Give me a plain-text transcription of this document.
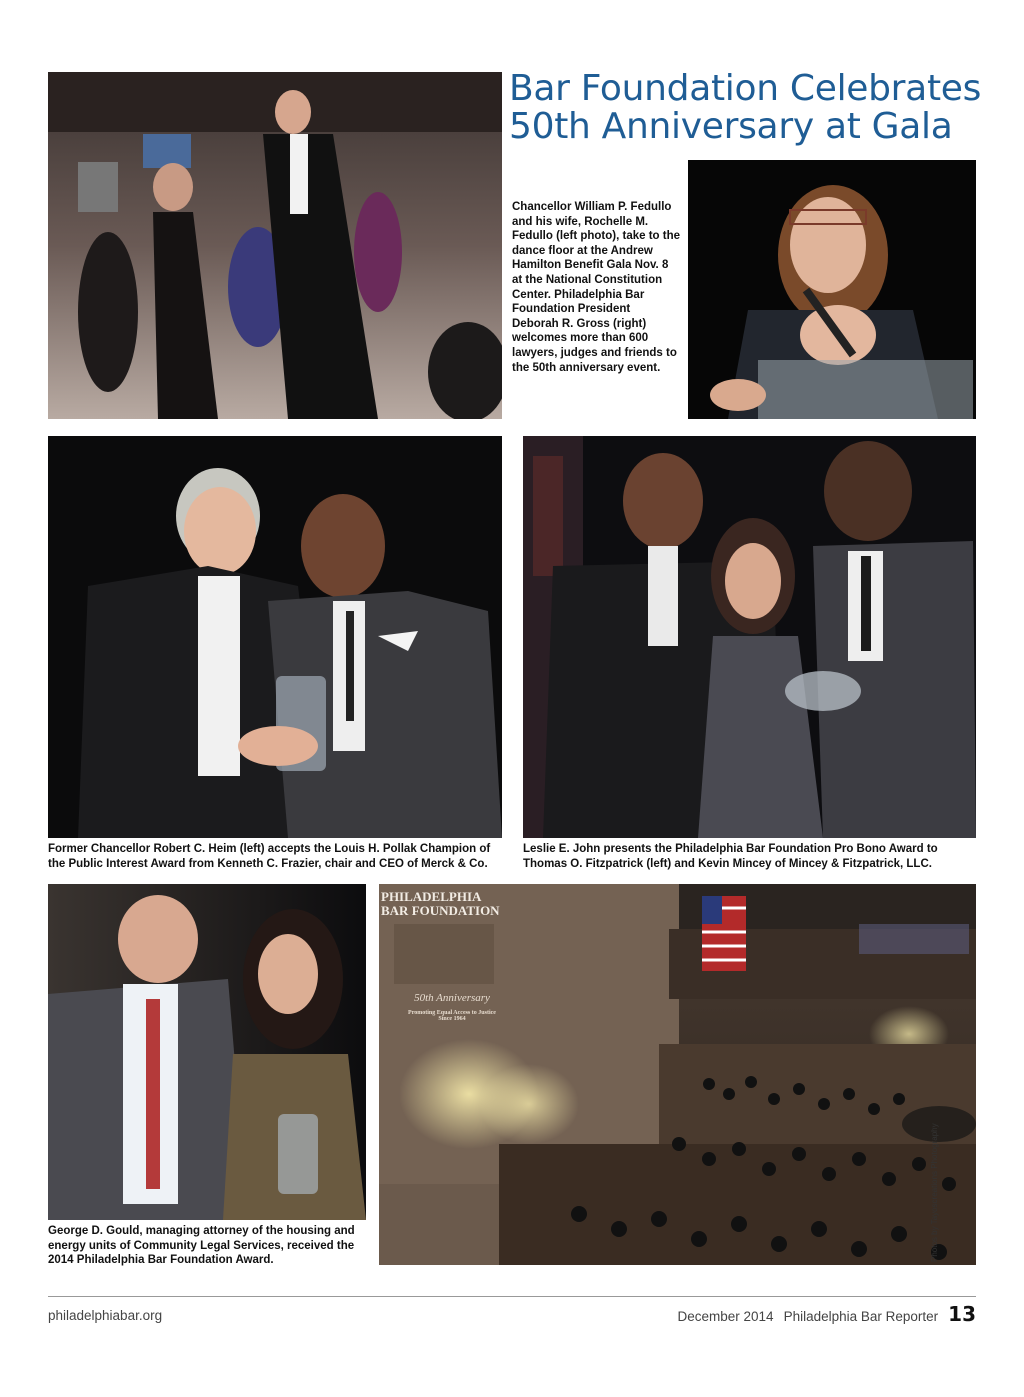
Bar Foundation Celebrates
50th Anniversary at Gala
Chancellor William P. Fedullo and his wife, Rochelle M. Fedullo (left photo), take to the dance floor at the Andrew Hamilton Benefit Gala Nov. 8 at the National Constitution Center. Philadelphia Bar Foundation President Deborah R. Gross (right) welcomes more than 600 lawyers, judges and friends to the 50th anniversary event.
Former Chancellor Robert C. Heim (left) accepts the Louis H. Pollak Champion of the Public Interest Award from Kenneth C. Frazier, chair and CEO of Merck & Co.
Leslie E. John presents the Philadelphia Bar Foundation Pro Bono Award to Thomas O. Fitzpatrick (left) and Kevin Mincey of Mincey & Fitzpatrick, LLC.
PHILADELPHIA
BAR FOUNDATION
50th Anniversary
Promoting Equal Access to Justice
Since 1964
George D. Gould, managing attorney of the housing and energy units of Community Legal Services, received the 2014 Philadelphia Bar Foundation Award.	Photos by Tayoscreations Photography
philadelphiabar.org	December 2014 Philadelphia Bar Reporter 13
